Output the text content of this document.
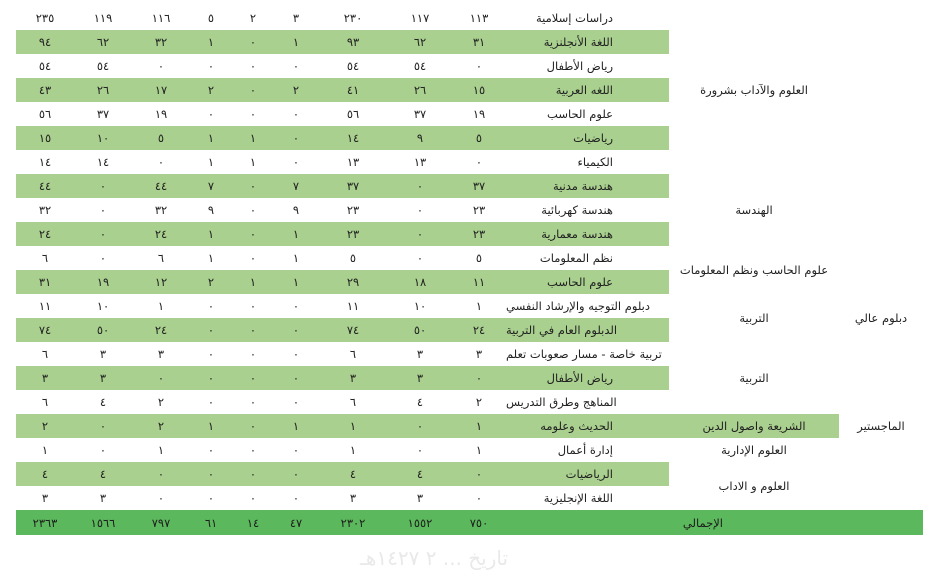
٢٣٥	١١٩	١١٦	٥	٢	٣	٢٣٠	١١٧	١١٣	دراسات إسلامية	العلوم والآداب بشرورة	
٩٤	٦٢	٣٢	١	٠	١	٩٣	٦٢	٣١	اللغة الأنجلنزية		
٥٤	٥٤	٠	٠	٠	٠	٥٤	٥٤	٠	رياض الأطفال		
٤٣	٢٦	١٧	٢	٠	٢	٤١	٢٦	١٥	اللغه العربية		
٥٦	٣٧	١٩	٠	٠	٠	٥٦	٣٧	١٩	علوم الحاسب		
١٥	١٠	٥	١	١	٠	١٤	٩	٥	رياضيات		
١٤	١٤	٠	١	١	٠	١٣	١٣	٠	الكيمياء		
٤٤	٠	٤٤	٧	٠	٧	٣٧	٠	٣٧	هندسة مدنية	الهندسة	
٣٢	٠	٣٢	٩	٠	٩	٢٣	٠	٢٣	هندسة كهربائية		
٢٤	٠	٢٤	١	٠	١	٢٣	٠	٢٣	هندسة معمارية		
٦	٠	٦	١	٠	١	٥	٠	٥	نظم المعلومات	علوم الحاسب ونظم المعلومات	
٣١	١٩	١٢	٢	١	١	٢٩	١٨	١١	علوم الحاسب		
١١	١٠	١	٠	٠	٠	١١	١٠	١	دبلوم التوجيه والإرشاد النفسي	التربية	دبلوم عالي
٧٤	٥٠	٢٤	٠	٠	٠	٧٤	٥٠	٢٤	الدبلوم العام في التربية		
٦	٣	٣	٠	٠	٠	٦	٣	٣	تربية خاصة - مسار صعوبات تعلم	التربية	الماجستير
٣	٣	٠	٠	٠	٠	٣	٣	٠	رياض الأطفال		
٦	٤	٢	٠	٠	٠	٦	٤	٢	المناهج وطرق التدريس		
٢	٠	٢	١	٠	١	١	٠	١	الحديث وعلومه	الشريعة واصول الدين	
١	٠	١	٠	٠	٠	١	٠	١	إدارة أعمال	العلوم الإدارية	
٤	٤	٠	٠	٠	٠	٤	٤	٠	الرياضيات	العلوم و الاداب	
٣	٣	٠	٠	٠	٠	٣	٣	٠	اللغة الإنجليزية		
٢٣٦٣	١٥٦٦	٧٩٧	٦١	١٤	٤٧	٢٣٠٢	١٥٥٢	٧٥٠	الإجمالي		
تاريخ ... ٢ ١٤٢٧هـ
